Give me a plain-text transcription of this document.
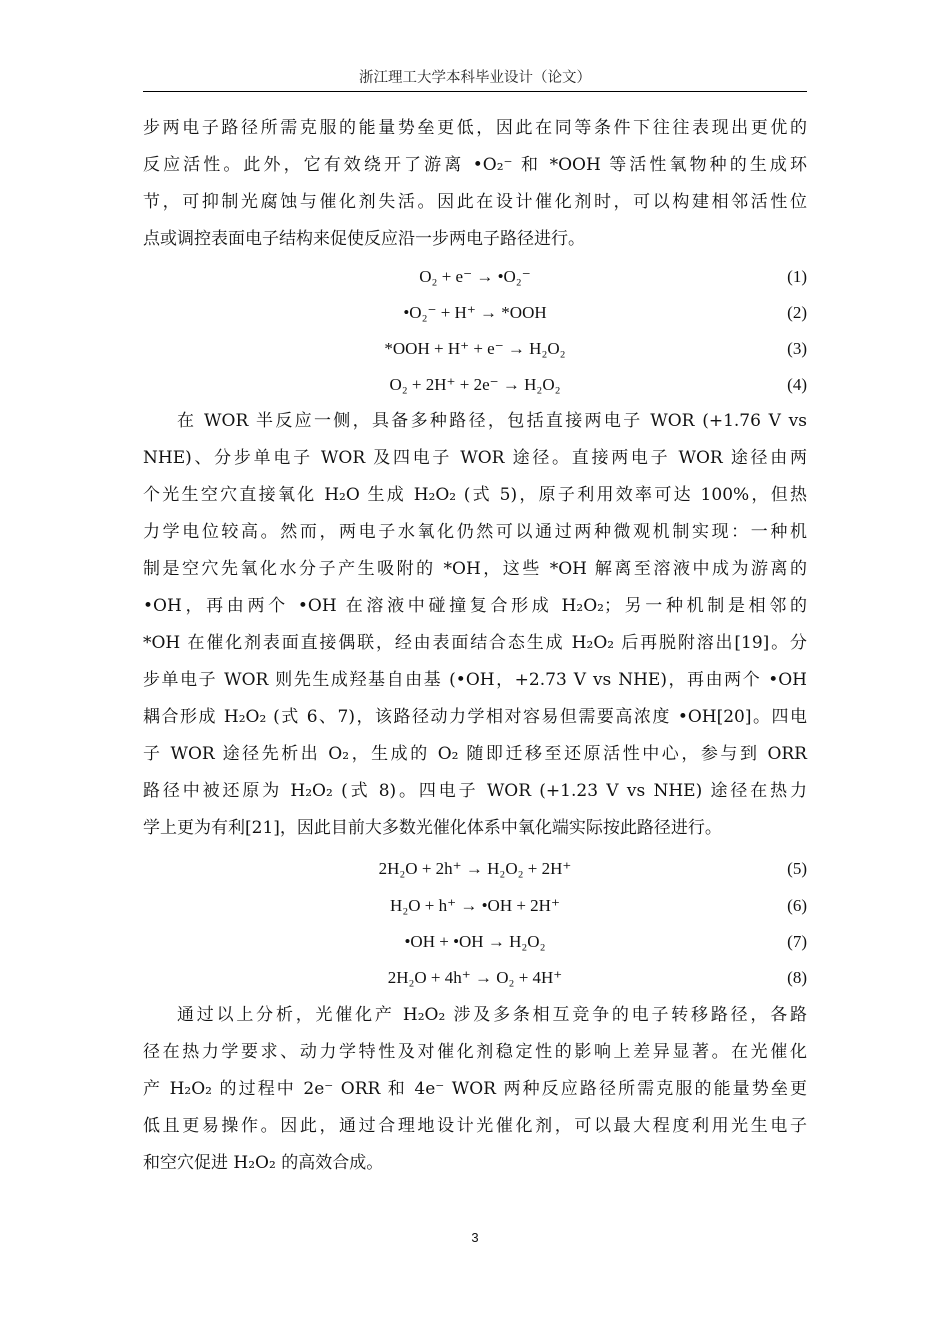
浙江理工大学本科毕业设计（论文）
步两电子路径所需克服的能量势垒更低，因此在同等条件下往往表现出更优的
反应活性。此外，它有效绕开了游离 •O₂⁻ 和 *OOH 等活性氧物种的生成环
节，可抑制光腐蚀与催化剂失活。因此在设计催化剂时，可以构建相邻活性位
点或调控表面电子结构来促使反应沿一步两电子路径进行。
O₂ + e⁻ → •O₂⁻	(1)
•O₂⁻ + H⁺ → *OOH	(2)
*OOH + H⁺ + e⁻ → H₂O₂	(3)
O₂ + 2H⁺ + 2e⁻ → H₂O₂	(4)
在 WOR 半反应一侧，具备多种路径，包括直接两电子 WOR (+1.76 V vs
NHE)、分步单电子 WOR 及四电子 WOR 途径。直接两电子 WOR 途径由两
个光生空穴直接氧化 H₂O 生成 H₂O₂ (式 5)，原子利用效率可达 100%，但热
力学电位较高。然而，两电子水氧化仍然可以通过两种微观机制实现：一种机
制是空穴先氧化水分子产生吸附的 *OH，这些 *OH 解离至溶液中成为游离的
•OH，再由两个 •OH 在溶液中碰撞复合形成 H₂O₂；另一种机制是相邻的
*OH 在催化剂表面直接偶联，经由表面结合态生成 H₂O₂ 后再脱附溶出[19]。分
步单电子 WOR 则先生成羟基自由基 (•OH，+2.73 V vs NHE)，再由两个 •OH
耦合形成 H₂O₂ (式 6、7)，该路径动力学相对容易但需要高浓度 •OH[20]。四电
子 WOR 途径先析出 O₂，生成的 O₂ 随即迁移至还原活性中心，参与到 ORR
路径中被还原为 H₂O₂ (式 8)。四电子 WOR (+1.23 V vs NHE) 途径在热力
学上更为有利[21]，因此目前大多数光催化体系中氧化端实际按此路径进行。
2H₂O + 2h⁺ → H₂O₂ + 2H⁺	(5)
H₂O + h⁺ → •OH + 2H⁺	(6)
•OH + •OH → H₂O₂	(7)
2H₂O + 4h⁺ → O₂ + 4H⁺	(8)
通过以上分析，光催化产 H₂O₂ 涉及多条相互竞争的电子转移路径，各路
径在热力学要求、动力学特性及对催化剂稳定性的影响上差异显著。在光催化
产 H₂O₂ 的过程中 2e⁻ ORR 和 4e⁻ WOR 两种反应路径所需克服的能量势垒更
低且更易操作。因此，通过合理地设计光催化剂，可以最大程度利用光生电子
和空穴促进 H₂O₂ 的高效合成。
3
